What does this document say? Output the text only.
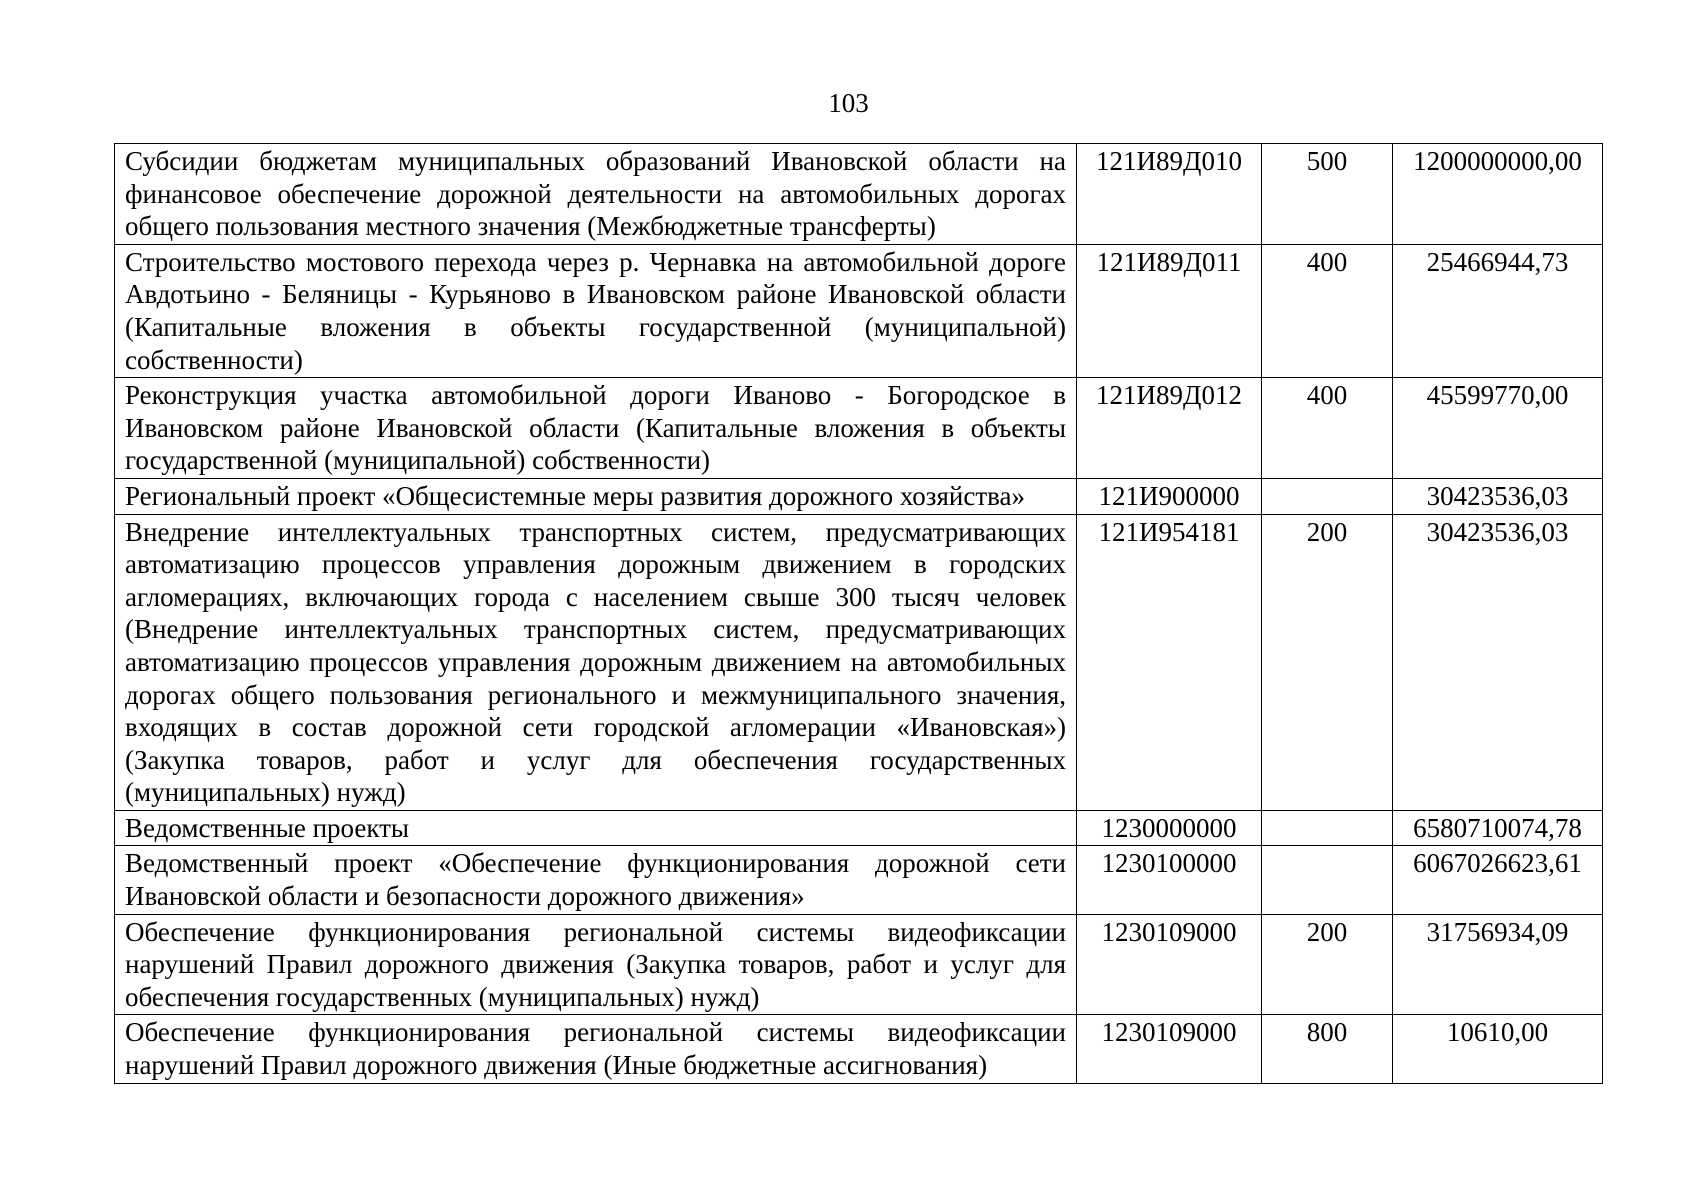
103
Субсидии бюджетам муниципальных образований Ивановской области на финансовое обеспечение дорожной деятельности на автомобильных дорогах общего пользования местного значения (Межбюджетные трансферты)	121И89Д010	500	1200000000,00
Строительство мостового перехода через р. Чернавка на автомобильной дороге Авдотьино - Беляницы - Курьяново в Ивановском районе Ивановской области (Капитальные вложения в объекты государственной (муниципальной) собственности)	121И89Д011	400	25466944,73
Реконструкция участка автомобильной дороги Иваново - Богородское в Ивановском районе Ивановской области (Капитальные вложения в объекты государственной (муниципальной) собственности)	121И89Д012	400	45599770,00
Региональный проект «Общесистемные меры развития дорожного хозяйства»	121И900000		30423536,03
Внедрение интеллектуальных транспортных систем, предусматривающих автоматизацию процессов управления дорожным движением в городских агломерациях, включающих города с населением свыше 300 тысяч человек (Внедрение интеллектуальных транспортных систем, предусматривающих автоматизацию процессов управления дорожным движением на автомобильных дорогах общего пользования регионального и межмуниципального значения, входящих в состав дорожной сети городской агломерации «Ивановская») (Закупка товаров, работ и услуг для обеспечения государственных (муниципальных) нужд)	121И954181	200	30423536,03
Ведомственные проекты	1230000000		6580710074,78
Ведомственный проект «Обеспечение функционирования дорожной сети Ивановской области и безопасности дорожного движения»	1230100000		6067026623,61
Обеспечение функционирования региональной системы видеофиксации нарушений Правил дорожного движения (Закупка товаров, работ и услуг для обеспечения государственных (муниципальных) нужд)	1230109000	200	31756934,09
Обеспечение функционирования региональной системы видеофиксации нарушений Правил дорожного движения (Иные бюджетные ассигнования)	1230109000	800	10610,00
